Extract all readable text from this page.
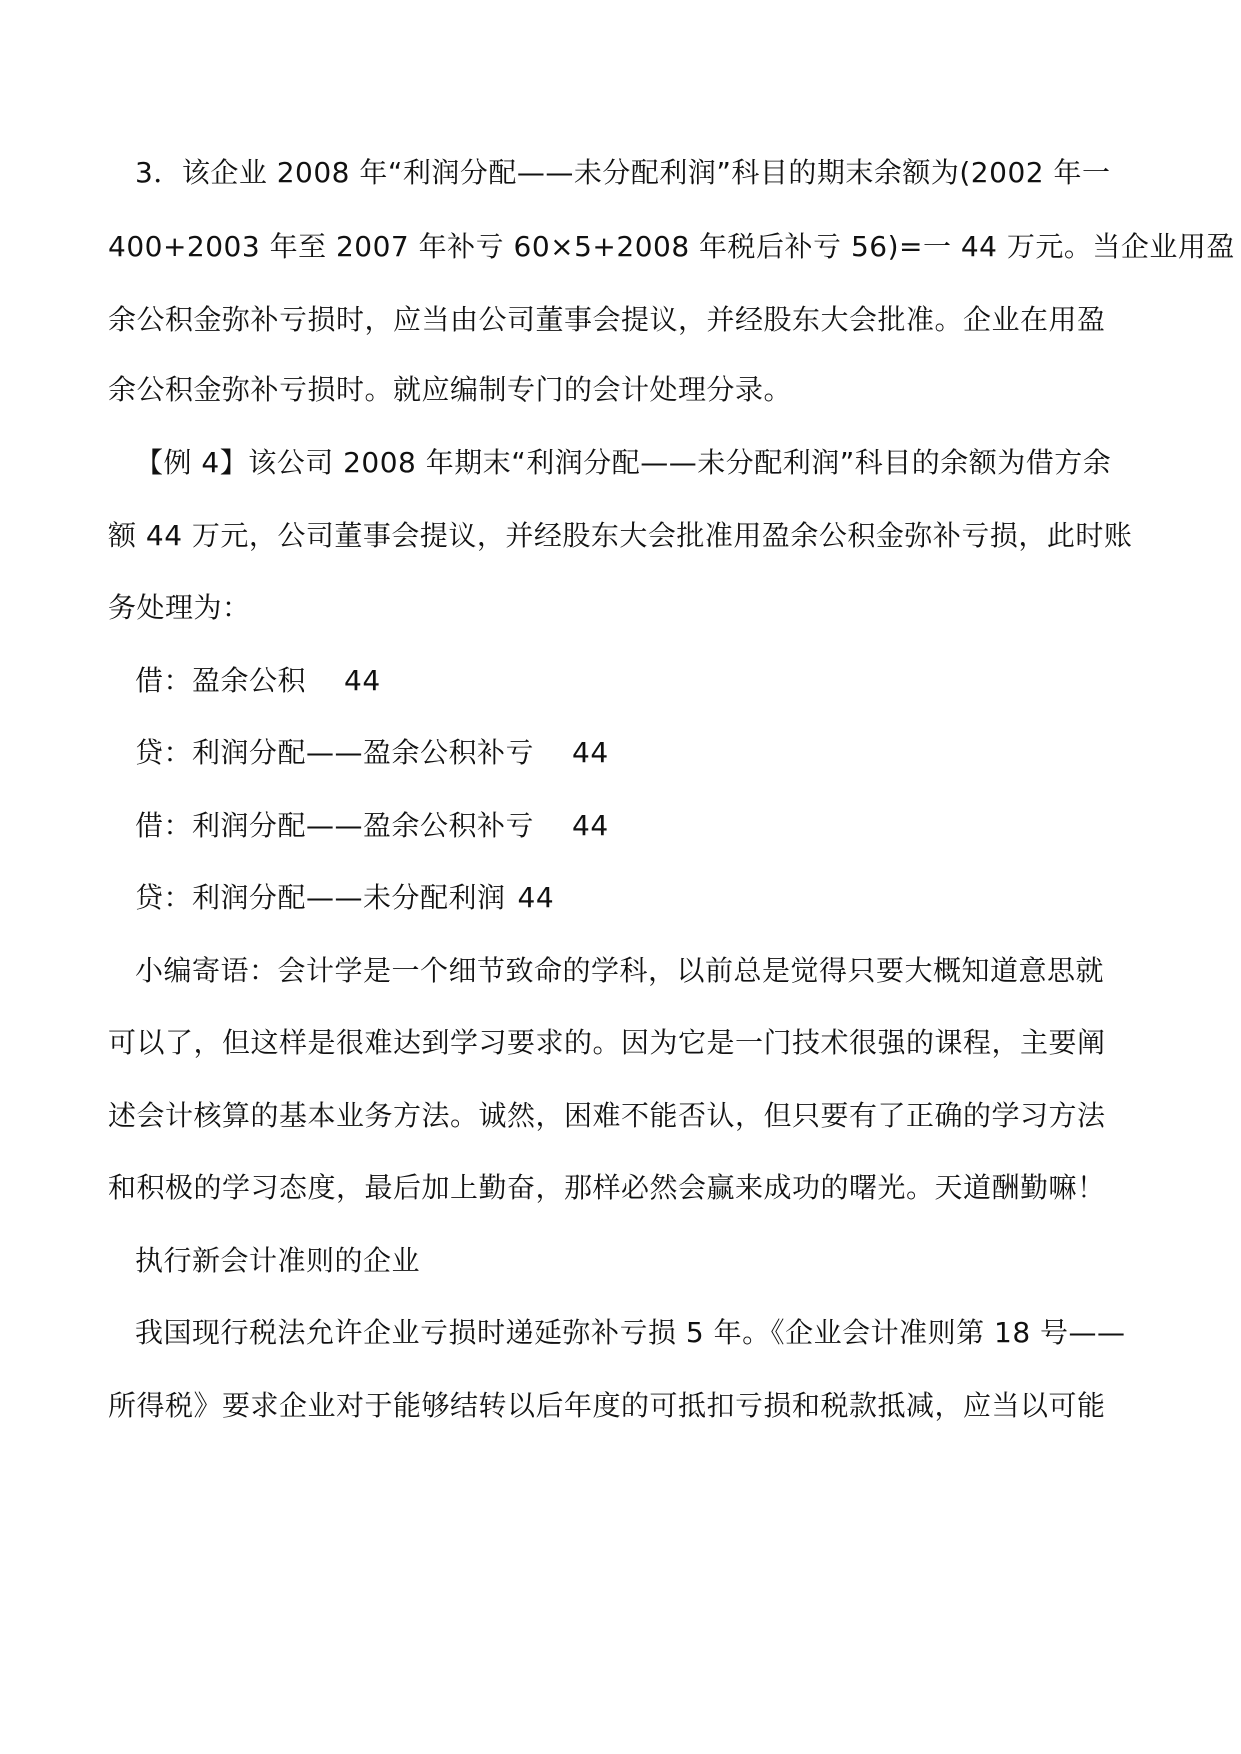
3．该企业 2008 年“利润分配——未分配利润”科目的期末余额为(2002 年一
400+2003 年至 2007 年补亏 60×5+2008 年税后补亏 56)=一 44 万元。当企业用盈
余公积金弥补亏损时，应当由公司董事会提议，并经股东大会批准。企业在用盈
余公积金弥补亏损时。就应编制专门的会计处理分录。
【例 4】该公司 2008 年期末“利润分配——未分配利润”科目的余额为借方余
额 44 万元，公司董事会提议，并经股东大会批准用盈余公积金弥补亏损，此时账
务处理为：
借：盈余公积 44
贷：利润分配——盈余公积补亏 44
借：利润分配——盈余公积补亏 44
贷：利润分配——未分配利润 44
小编寄语：会计学是一个细节致命的学科，以前总是觉得只要大概知道意思就
可以了，但这样是很难达到学习要求的。因为它是一门技术很强的课程，主要阐
述会计核算的基本业务方法。诚然，困难不能否认，但只要有了正确的学习方法
和积极的学习态度，最后加上勤奋，那样必然会赢来成功的曙光。天道酬勤嘛！
执行新会计准则的企业
我国现行税法允许企业亏损时递延弥补亏损 5 年。《企业会计准则第 18 号——
所得税》要求企业对于能够结转以后年度的可抵扣亏损和税款抵减，应当以可能
